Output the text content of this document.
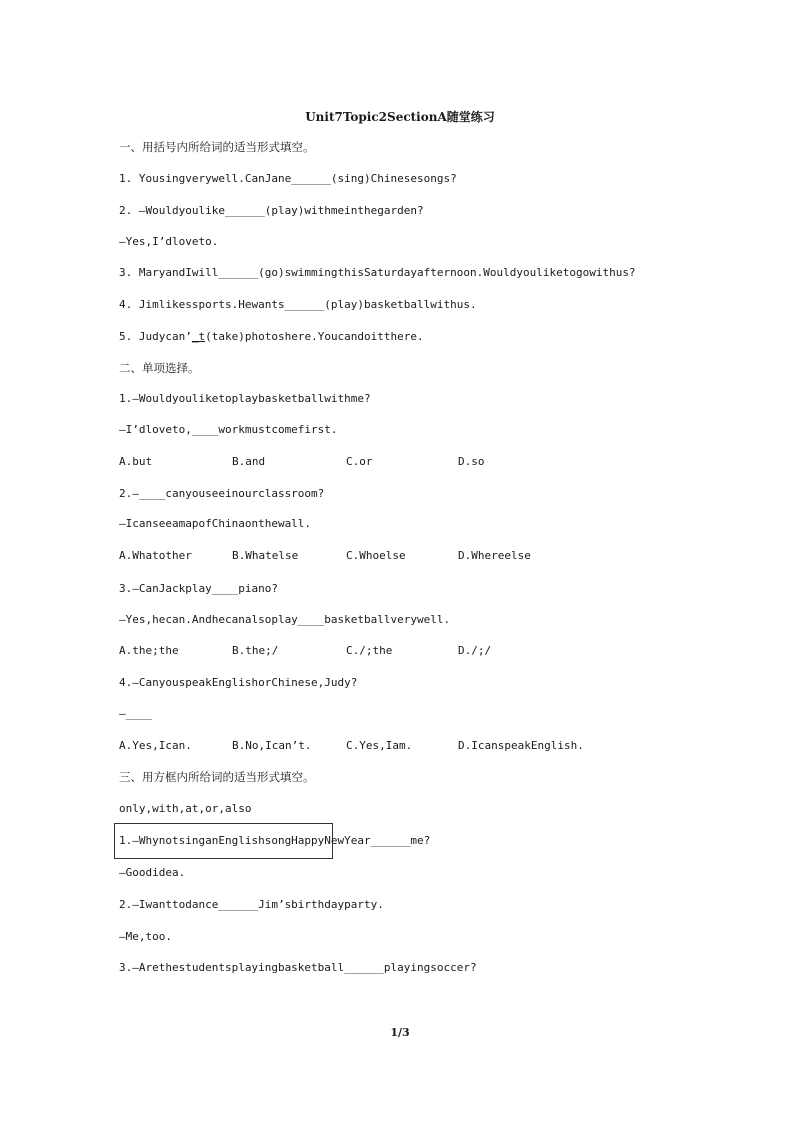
Unit7Topic2SectionA随堂练习
一、用括号内所给词的适当形式填空。
1. Yousingverywell.CanJane______(sing)Chinesesongs?
2. —Wouldyoulike______(play)withmeinthegarden?
—Yes,I’dloveto.
3. MaryandIwill______(go)swimmingthisSaturdayafternoon.Wouldyouliketogowithus?
4. Jimlikessports.Hewants______(play)basketballwithus.
5. Judycan’_t(take)photoshere.Youcandoitthere.
二、单项选择。
1.—Wouldyouliketoplaybasketballwithme?
—I’dloveto,____workmustcomefirst.
A.but	B.and	C.or	D.so
2.—____canyouseeinourclassroom?
—IcanseeamapofChinaonthewall.
A.Whatother	B.Whatelse	C.Whoelse	D.Whereelse
3.—CanJackplay____piano?
—Yes,hecan.Andhecanalsoplay____basketballverywell.
A.the;the	B.the;/	C./;the	D./;/
4.—CanyouspeakEnglishorChinese,Judy?
—____
A.Yes,Ican.	B.No,Ican’t.	C.Yes,Iam.	D.IcanspeakEnglish.
三、用方框内所给词的适当形式填空。
only,with,at,or,also
1.—WhynotsinganEnglishsongHappyNewYear______me?
—Goodidea.
2.—Iwanttodance______Jim’sbirthdayparty.
—Me,too.
3.—Arethestudentsplayingbasketball______playingsoccer?
1/3
